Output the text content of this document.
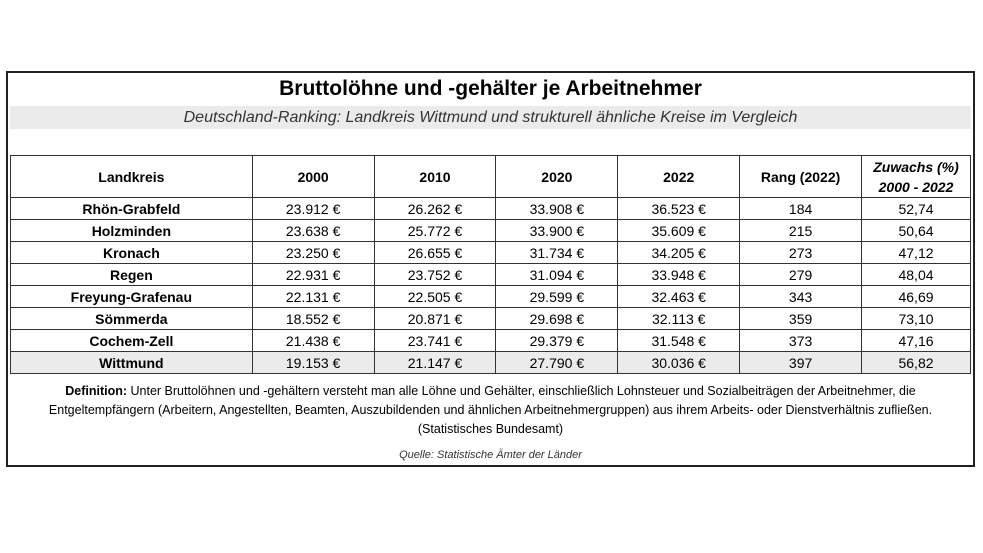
Bruttolöhne und -gehälter je Arbeitnehmer
Deutschland-Ranking: Landkreis Wittmund und strukturell ähnliche Kreise im Vergleich
Landkreis	2000	2010	2020	2022	Rang (2022)	Zuwachs (%)
2000 - 2022

Rhön-Grabfeld	23.912 €	26.262 €	33.908 €	36.523 €	184	52,74
Holzminden	23.638 €	25.772 €	33.900 €	35.609 €	215	50,64
Kronach	23.250 €	26.655 €	31.734 €	34.205 €	273	47,12
Regen	22.931 €	23.752 €	31.094 €	33.948 €	279	48,04
Freyung-Grafenau	22.131 €	22.505 €	29.599 €	32.463 €	343	46,69
Sömmerda	18.552 €	20.871 €	29.698 €	32.113 €	359	73,10
Cochem-Zell	21.438 €	23.741 €	29.379 €	31.548 €	373	47,16
Wittmund	19.153 €	21.147 €	27.790 €	30.036 €	397	56,82
Definition: Unter Bruttolöhnen und -gehältern versteht man alle Löhne und Gehälter, einschließlich Lohnsteuer und Sozialbeiträgen der Arbeitnehmer, die Entgeltempfängern (Arbeitern, Angestellten, Beamten, Auszubildenden und ähnlichen Arbeitnehmergruppen) aus ihrem Arbeits- oder Dienstverhältnis zufließen. (Statistisches Bundesamt)
Quelle: Statistische Ämter der Länder
